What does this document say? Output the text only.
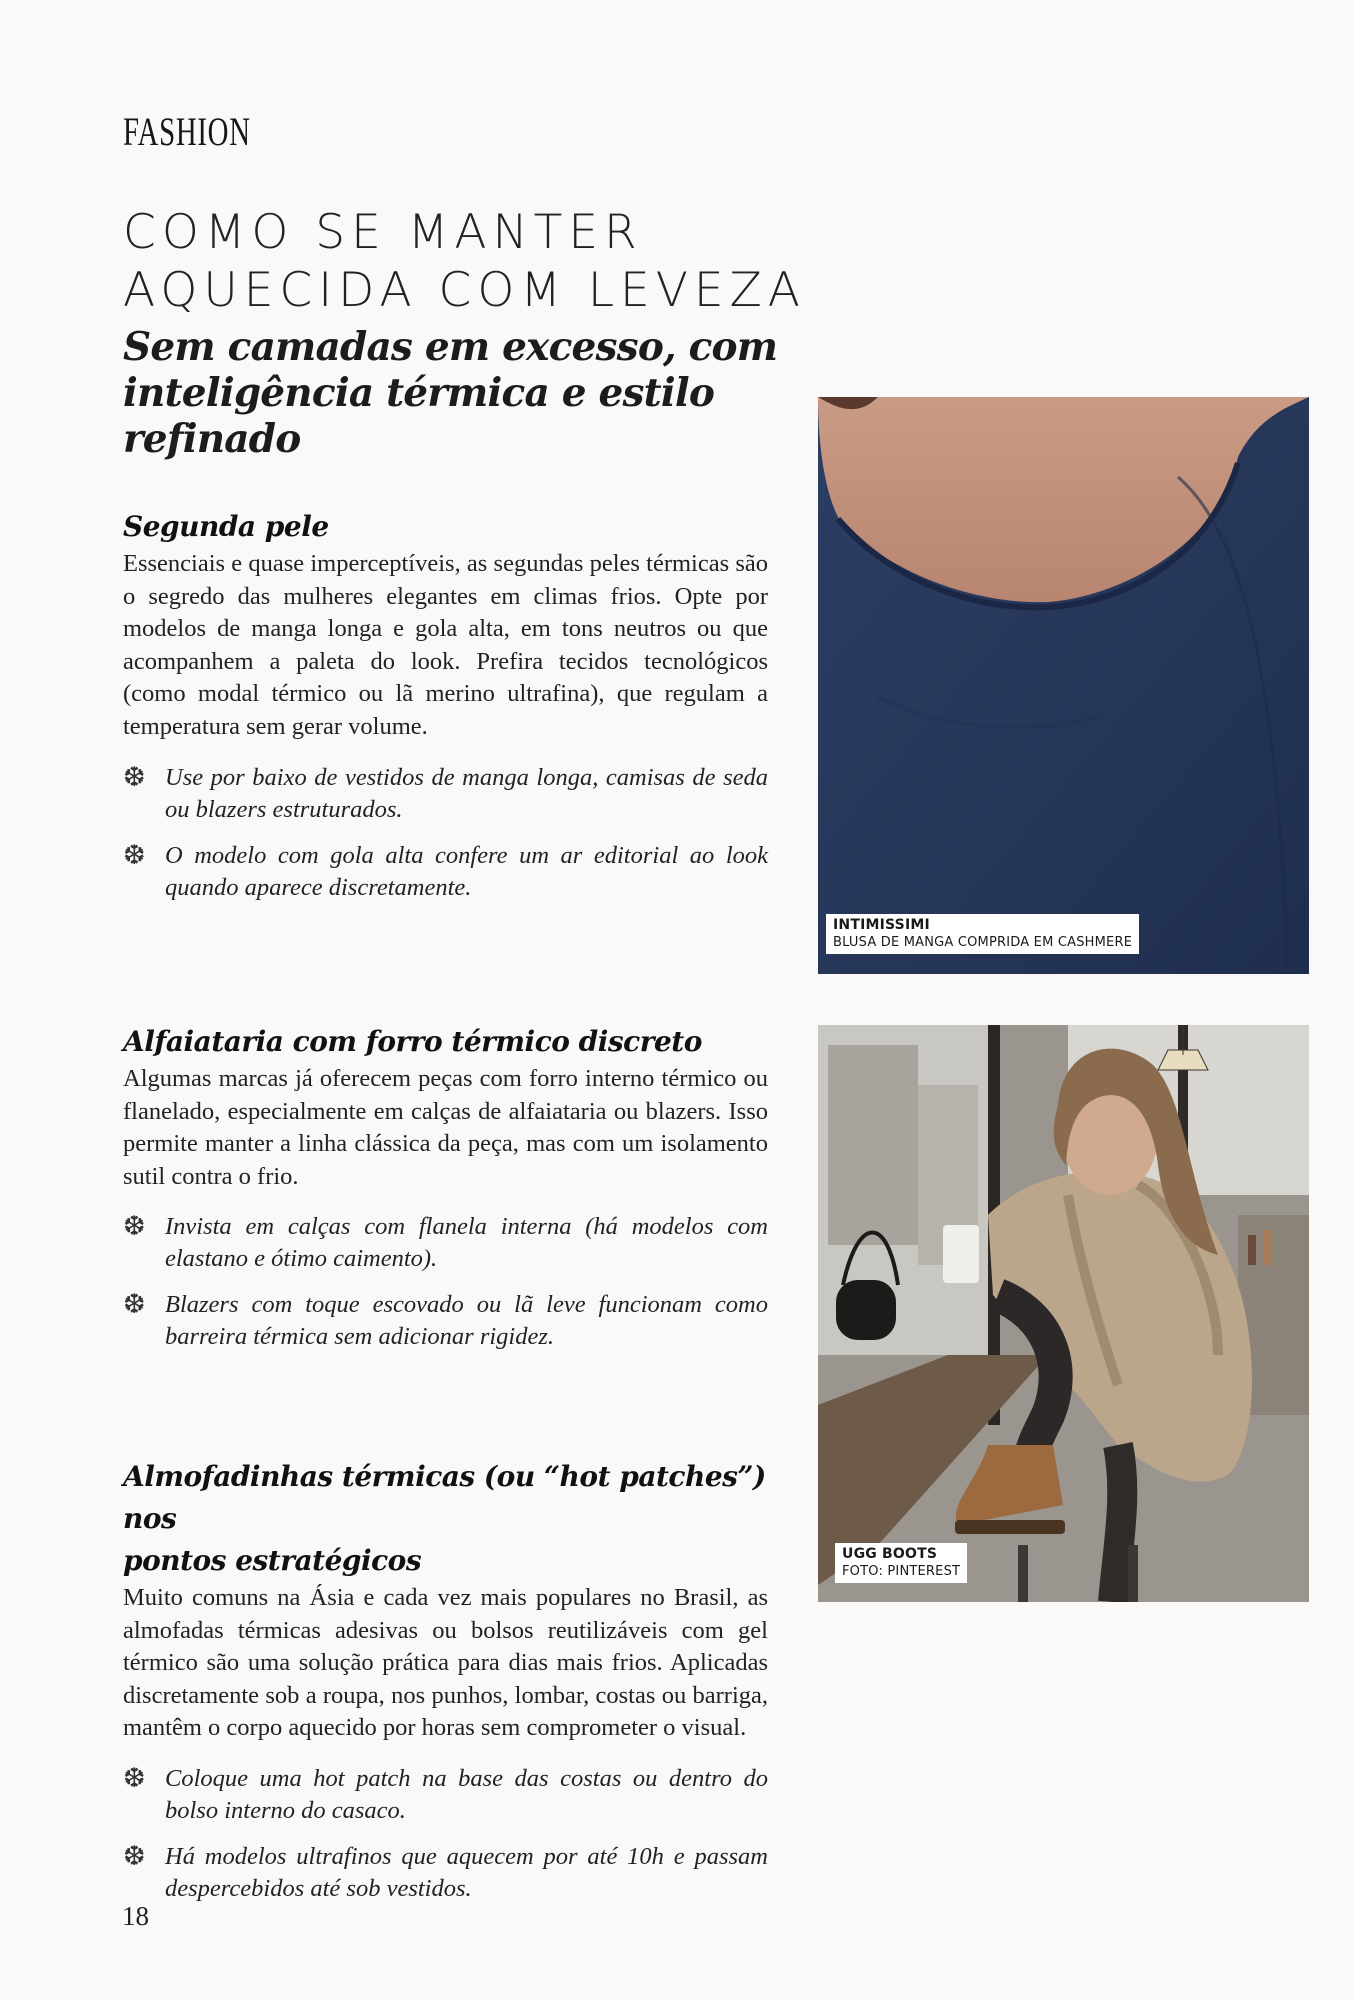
FASHION
COMO SE MANTER
AQUECIDA COM LEVEZA
Sem camadas em excesso, com
inteligência térmica e estilo refinado
Segunda pele

Essenciais e quase imperceptíveis, as segundas peles térmicas são o segredo das mulheres elegantes em climas frios. Opte por modelos de manga longa e gola alta, em tons neutros ou que acompanhem a paleta do look. Prefira tecidos tecnológicos (como modal térmico ou lã merino ultrafina), que regulam a temperatura sem gerar volume.

❆ Use por baixo de vestidos de manga longa, camisas de seda ou blazers estruturados.
❆ O modelo com gola alta confere um ar editorial ao look quando aparece discretamente.
Alfaiataria com forro térmico discreto

Algumas marcas já oferecem peças com forro interno térmico ou flanelado, especialmente em calças de alfaiataria ou blazers. Isso permite manter a linha clássica da peça, mas com um isolamento sutil contra o frio.

❆ Invista em calças com flanela interna (há modelos com elastano e ótimo caimento).
❆ Blazers com toque escovado ou lã leve funcionam como barreira térmica sem adicionar rigidez.
Almofadinhas térmicas (ou “hot patches”) nos
pontos estratégicos

Muito comuns na Ásia e cada vez mais populares no Brasil, as almofadas térmicas adesivas ou bolsos reutilizáveis com gel térmico são uma solução prática para dias mais frios. Aplicadas discretamente sob a roupa, nos punhos, lombar, costas ou barriga, mantêm o corpo aquecido por horas sem comprometer o visual.

❆ Coloque uma hot patch na base das costas ou dentro do bolso interno do casaco.
❆ Há modelos ultrafinos que aquecem por até 10h e passam despercebidos até sob vestidos.
INTIMISSIMI
BLUSA DE MANGA COMPRIDA EM CASHMERE
UGG BOOTS
FOTO: PINTEREST
18
